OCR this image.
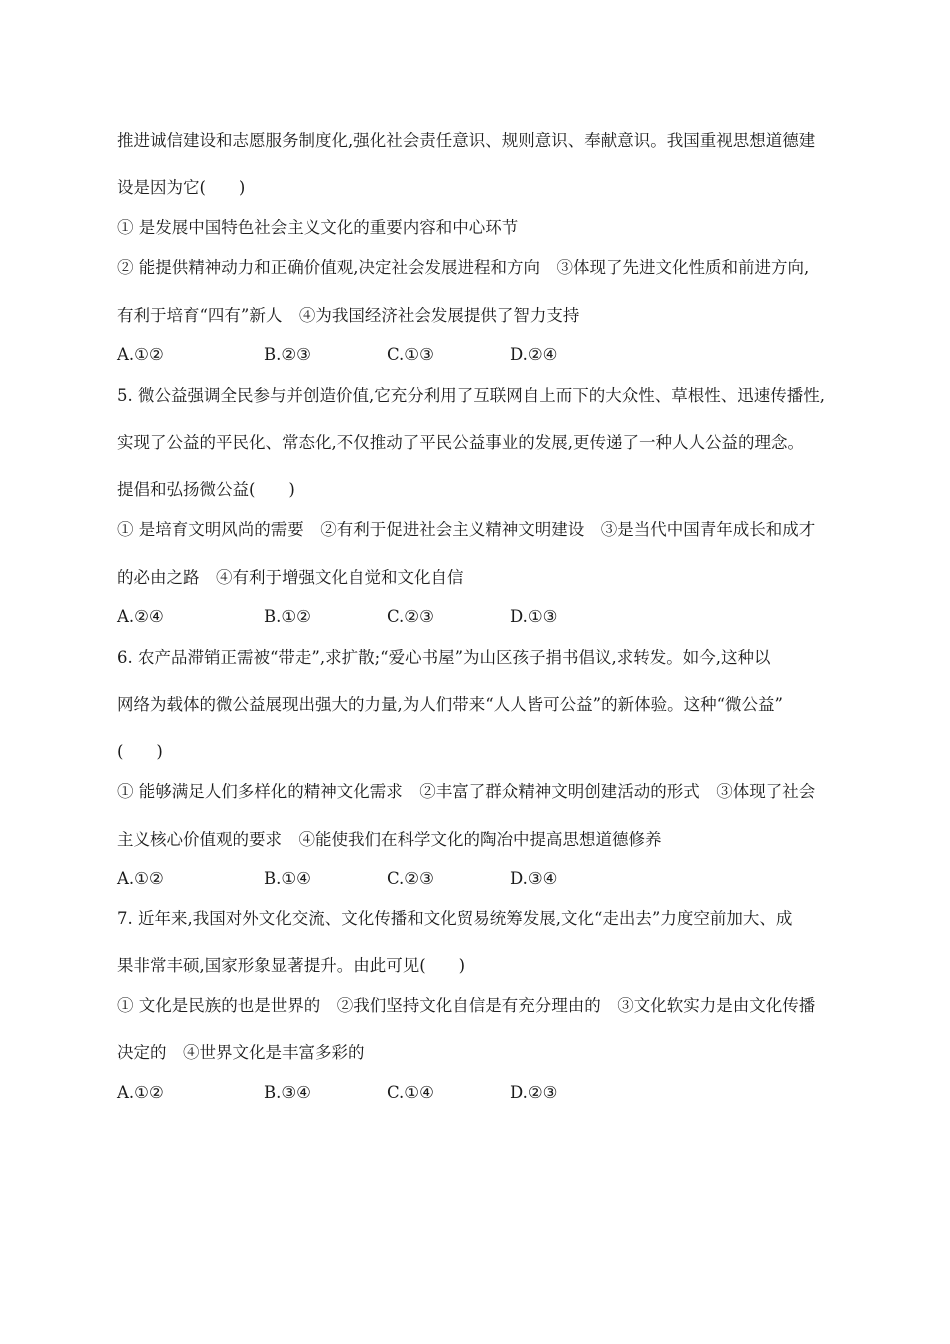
推进诚信建设和志愿服务制度化,强化社会责任意识、规则意识、奉献意识。我国重视思想道德建
设是因为它(　　)
① 是发展中国特色社会主义文化的重要内容和中心环节
② 能提供精神动力和正确价值观,决定社会发展进程和方向　③体现了先进文化性质和前进方向,
有利于培育“四有”新人　④为我国经济社会发展提供了智力支持
A.①②	B.②③	C.①③	D.②④
5. 微公益强调全民参与并创造价值,它充分利用了互联网自上而下的大众性、草根性、迅速传播性,
实现了公益的平民化、常态化,不仅推动了平民公益事业的发展,更传递了一种人人公益的理念。
提倡和弘扬微公益(　　)
① 是培育文明风尚的需要　②有利于促进社会主义精神文明建设　③是当代中国青年成长和成才
的必由之路　④有利于增强文化自觉和文化自信
A.②④	B.①②	C.②③	D.①③
6. 农产品滞销正需被“带走”,求扩散;“爱心书屋”为山区孩子捐书倡议,求转发。如今,这种以
网络为载体的微公益展现出强大的力量,为人们带来“人人皆可公益”的新体验。这种“微公益”
(　　)
① 能够满足人们多样化的精神文化需求　②丰富了群众精神文明创建活动的形式　③体现了社会
主义核心价值观的要求　④能使我们在科学文化的陶冶中提高思想道德修养
A.①②	B.①④	C.②③	D.③④
7. 近年来,我国对外文化交流、文化传播和文化贸易统筹发展,文化“走出去”力度空前加大、成
果非常丰硕,国家形象显著提升。由此可见(　　)
① 文化是民族的也是世界的　②我们坚持文化自信是有充分理由的　③文化软实力是由文化传播
决定的　④世界文化是丰富多彩的
A.①②	B.③④	C.①④	D.②③
